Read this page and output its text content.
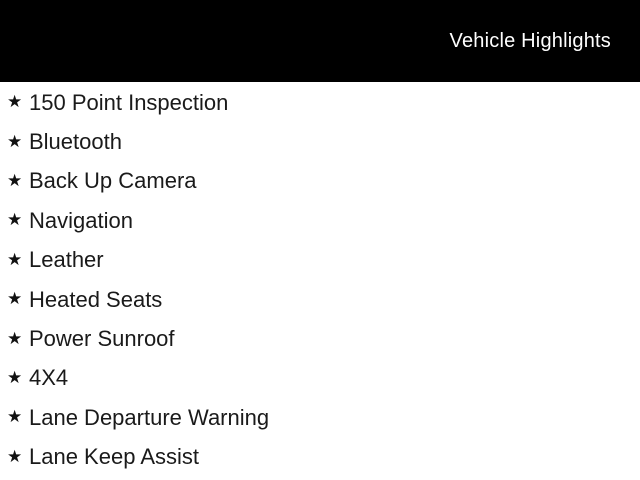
Vehicle Highlights
★ 150 Point Inspection
★ Bluetooth
★ Back Up Camera
★ Navigation
★ Leather
★ Heated Seats
★ Power Sunroof
★ 4X4
★ Lane Departure Warning
★ Lane Keep Assist
